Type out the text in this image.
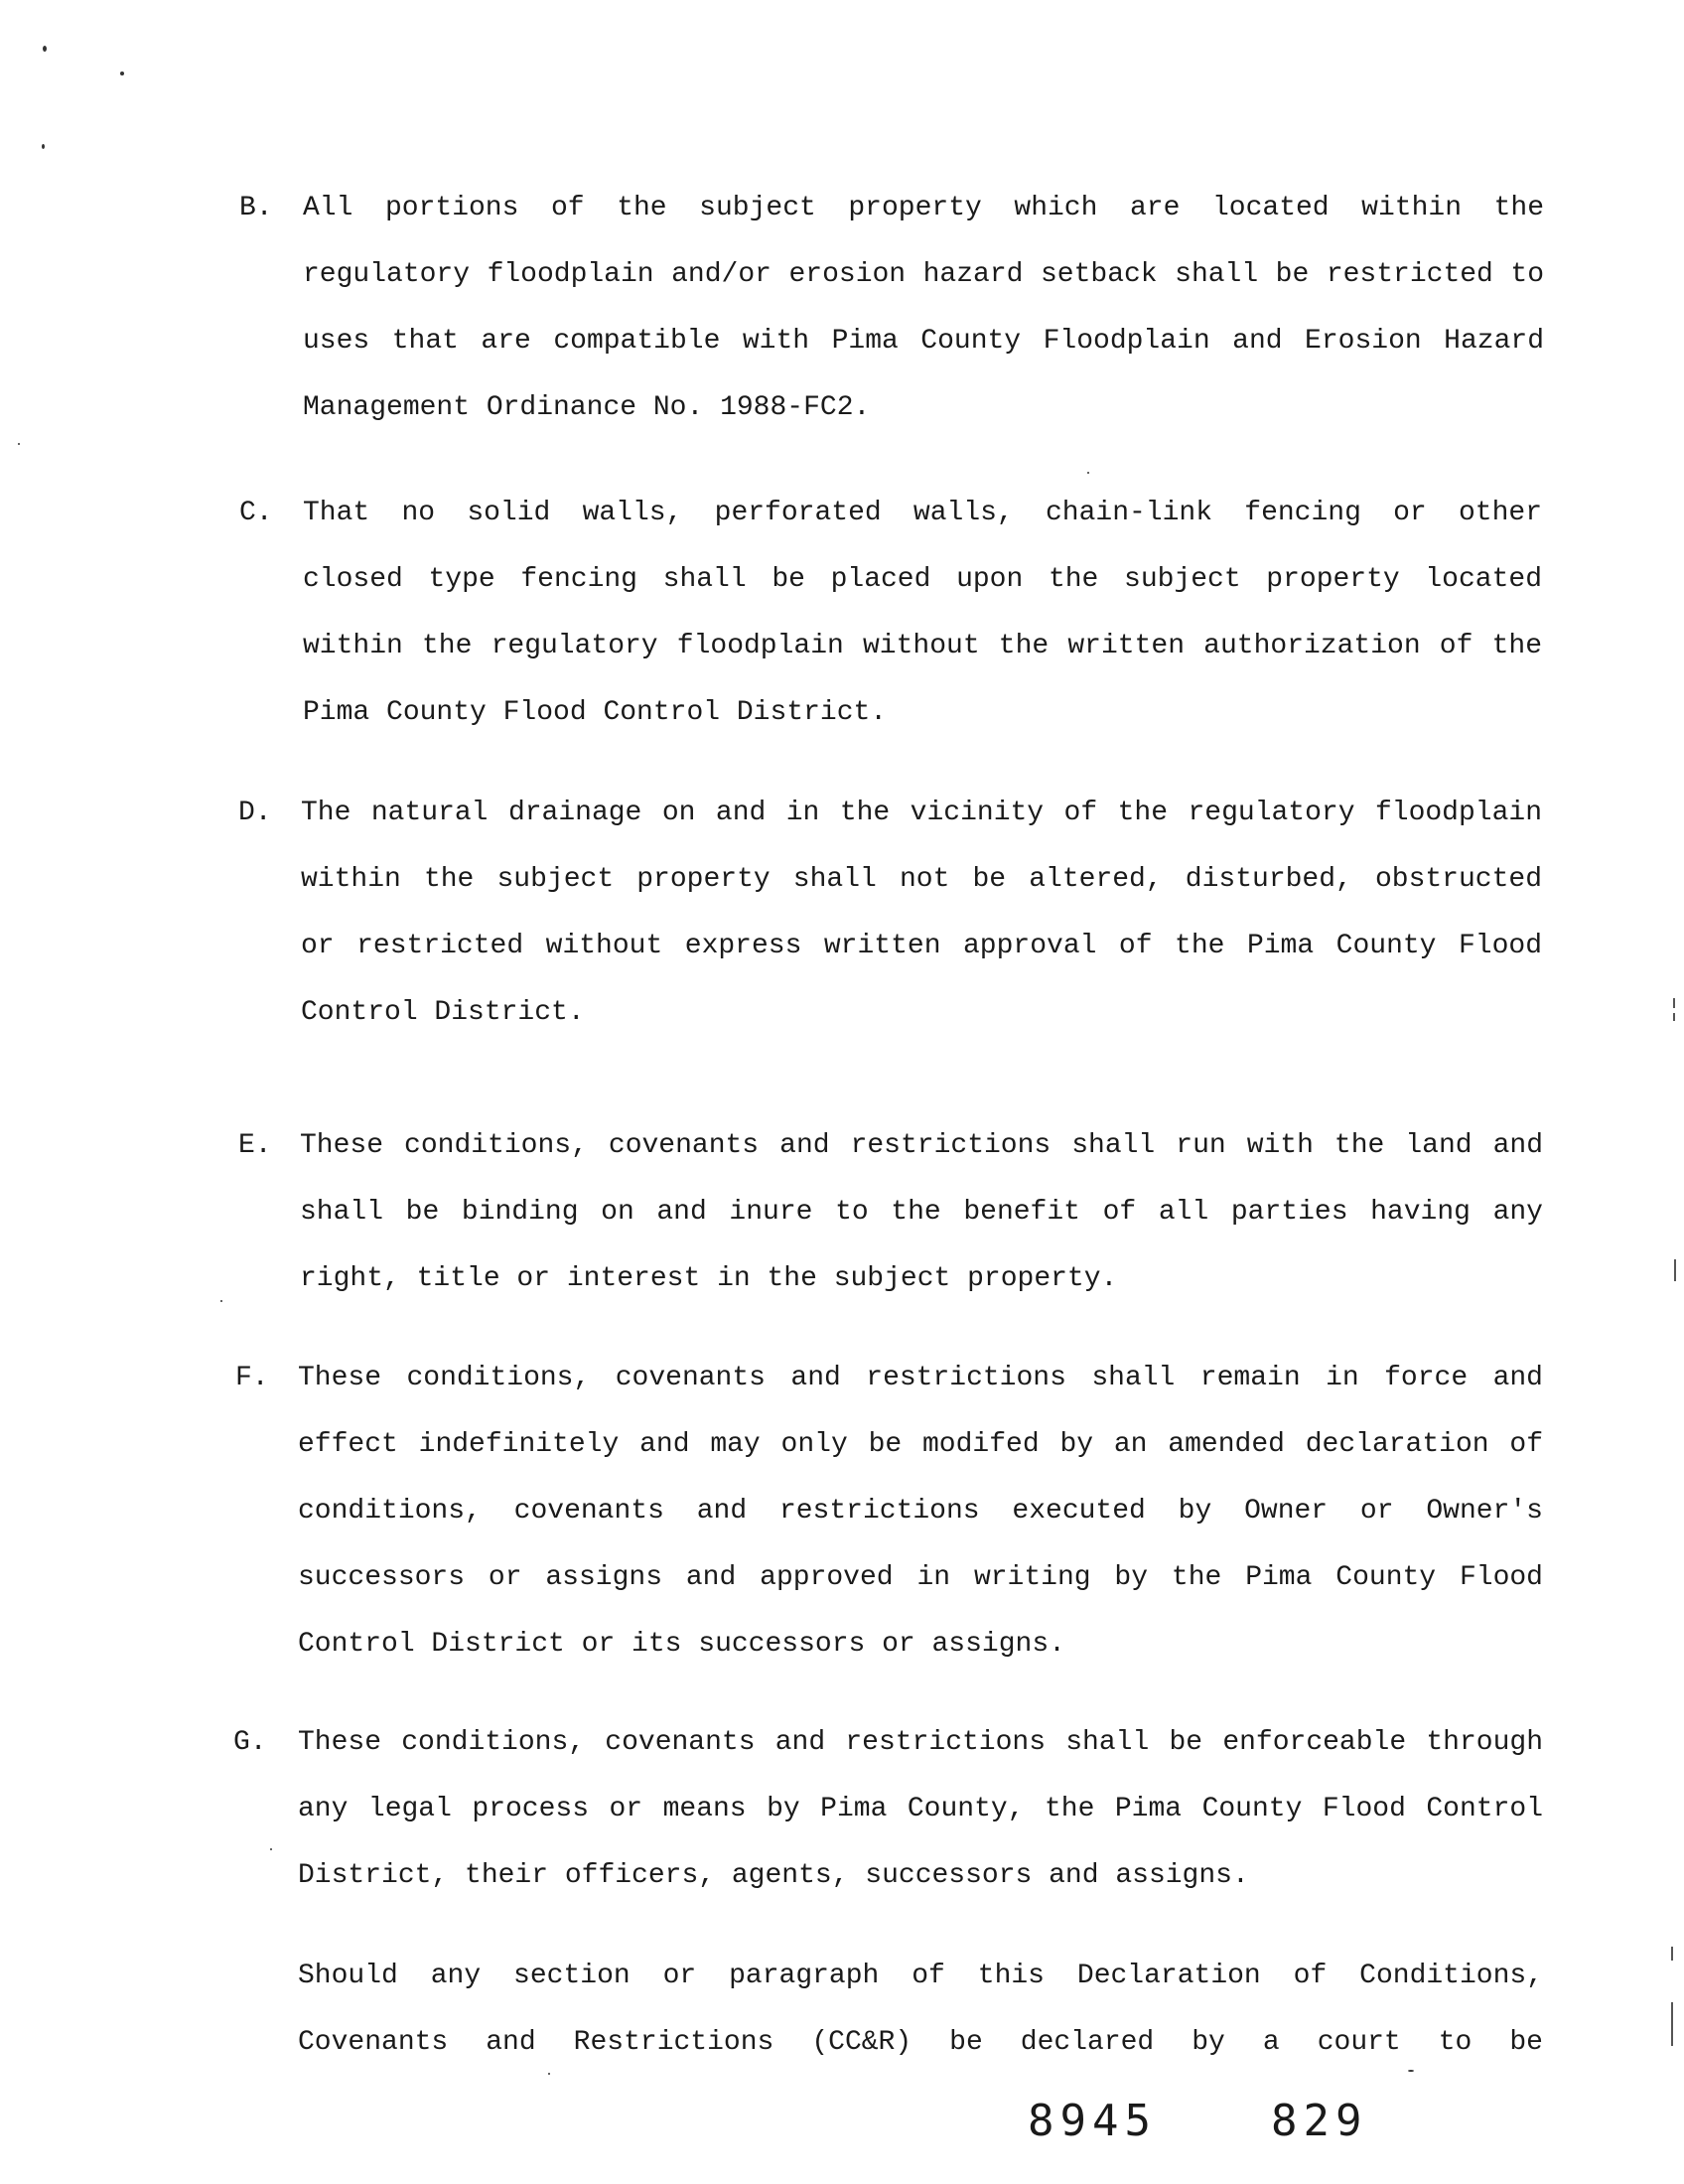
B. All portions of the subject property which are located within the
regulatory floodplain and/or erosion hazard setback shall be restricted to
uses that are compatible with Pima County Floodplain and Erosion Hazard
Management Ordinance No. 1988-FC2.
C. That no solid walls, perforated walls, chain-link fencing or other
closed type fencing shall be placed upon the subject property located
within the regulatory floodplain without the written authorization of the
Pima County Flood Control District.
D. The natural drainage on and in the vicinity of the regulatory floodplain
within the subject property shall not be altered, disturbed, obstructed
or restricted without express written approval of the Pima County Flood
Control District.
E. These conditions, covenants and restrictions shall run with the land and
shall be binding on and inure to the benefit of all parties having any
right, title or interest in the subject property.
F. These conditions, covenants and restrictions shall remain in force and
effect indefinitely and may only be modifed by an amended declaration of
conditions, covenants and restrictions executed by Owner or Owner's
successors or assigns and approved in writing by the Pima County Flood
Control District or its successors or assigns.
G. These conditions, covenants and restrictions shall be enforceable through
any legal process or means by Pima County, the Pima County Flood Control
District, their officers, agents, successors and assigns.
Should any section or paragraph of this Declaration of Conditions,
Covenants and Restrictions (CC&R) be declared by a court to be
8945	829
